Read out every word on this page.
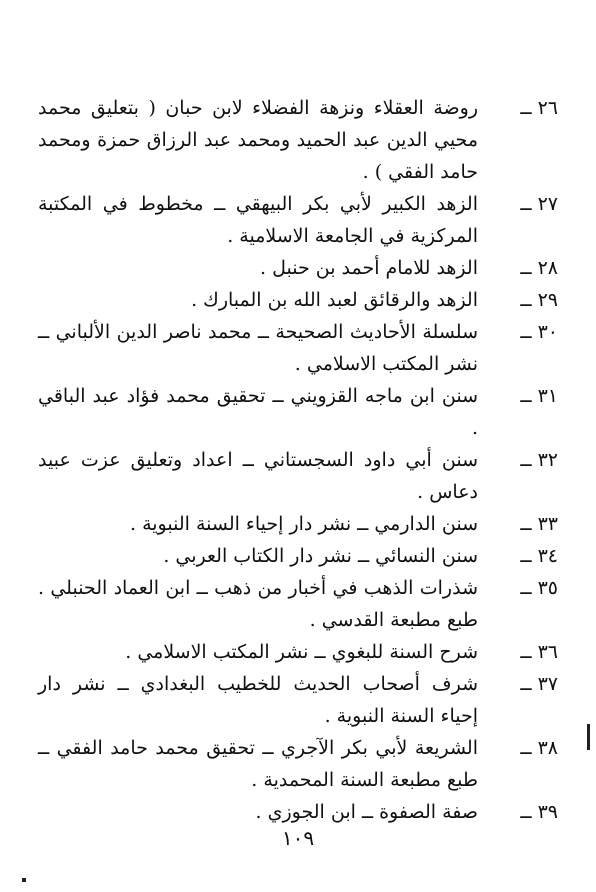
٢٦ ــ
روضة العقلاء ونزهة الفضلاء لابن حبان ( بتعليق محمد محيي الدين عبد الحميد ومحمد عبد الرزاق حمزة ومحمد حامد الفقي ) .
٢٧ ــ
الزهد الكبير لأبي بكر البيهقي ــ مخطوط في المكتبة المركزية في الجامعة الاسلامية .
٢٨ ــ
الزهد للامام أحمد بن حنبل .
٢٩ ــ
الزهد والرقائق لعبد الله بن المبارك .
٣٠ ــ
سلسلة الأحاديث الصحيحة ــ محمد ناصر الدين الألباني ــ نشر المكتب الاسلامي .
٣١ ــ
سنن ابن ماجه القزويني ــ تحقيق محمد فؤاد عبد الباقي .
٣٢ ــ
سنن أبي داود السجستاني ــ اعداد وتعليق عزت عبيد دعاس .
٣٣ ــ
سنن الدارمي ــ نشر دار إحياء السنة النبوية .
٣٤ ــ
سنن النسائي ــ نشر دار الكتاب العربي .
٣٥ ــ
شذرات الذهب في أخبار من ذهب ــ ابن العماد الحنبلي . طبع مطبعة القدسي .
٣٦ ــ
شرح السنة للبغوي ــ نشر المكتب الاسلامي .
٣٧ ــ
شرف أصحاب الحديث للخطيب البغدادي ــ نشر دار إحياء السنة النبوية .
٣٨ ــ
الشريعة لأبي بكر الآجري ــ تحقيق محمد حامد الفقي ــ طبع مطبعة السنة المحمدية .
٣٩ ــ
صفة الصفوة ــ ابن الجوزي .
١٠٩
